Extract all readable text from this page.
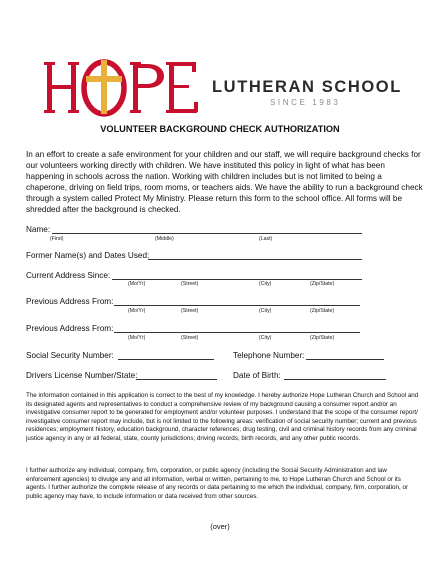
LUTHERAN SCHOOL
SINCE 1983
VOLUNTEER BACKGROUND CHECK AUTHORIZATION

In an effort to create a safe environment for your children and our staff, we will require background checks for our volunteers working directly with children. We have instituted this policy in light of what has been happening in schools across the nation. Working with children includes but is not limited to being a chaperone, driving on field trips, room moms, or teachers aids. We have the ability to run a background check through a system called Protect My Ministry. Please return this form to the school office. All forms will be shredded after the background is checked.

Name:
(First)	(Middle)	(Last)
Former Name(s) and Dates Used:
Current Address Since:
(Mo/Yr)	(Street)	(City)	(Zip/State)
Previous Address From:
(Mo/Yr)	(Street)	(City)	(Zip/State)
Previous Address From:
(Mo/Yr)	(Street)	(City)	(Zip/State)
Social Security Number:	Telephone Number:
Drivers License Number/State:	Date of Birth:

The information contained in this application is correct to the best of my knowledge. I hereby authorize Hope Lutheran Church and School and its designated agents and representatives to conduct a comprehensive review of my background causing a consumer report and/or an investigative consumer report to be generated for employment and/or volunteer purposes. I understand that the scope of the consumer report/ investigative consumer report may include, but is not limited to the following areas: verification of social security number; current and previous residences; employment history, education background, character references; drug testing, civil and criminal history records from any criminal justice agency in any or all federal, state, county jurisdictions; driving records, birth records, and any other public records.

I further authorize any individual, company, firm, corporation, or public agency (including the Social Security Administration and law enforcement agencies) to divulge any and all information, verbal or written, pertaining to me, to Hope Lutheran Church and School or its agents. I further authorize the complete release of any records or data pertaining to me which the individual, company, firm, corporation, or public agency may have, to include information or data received from other sources.

(over)
